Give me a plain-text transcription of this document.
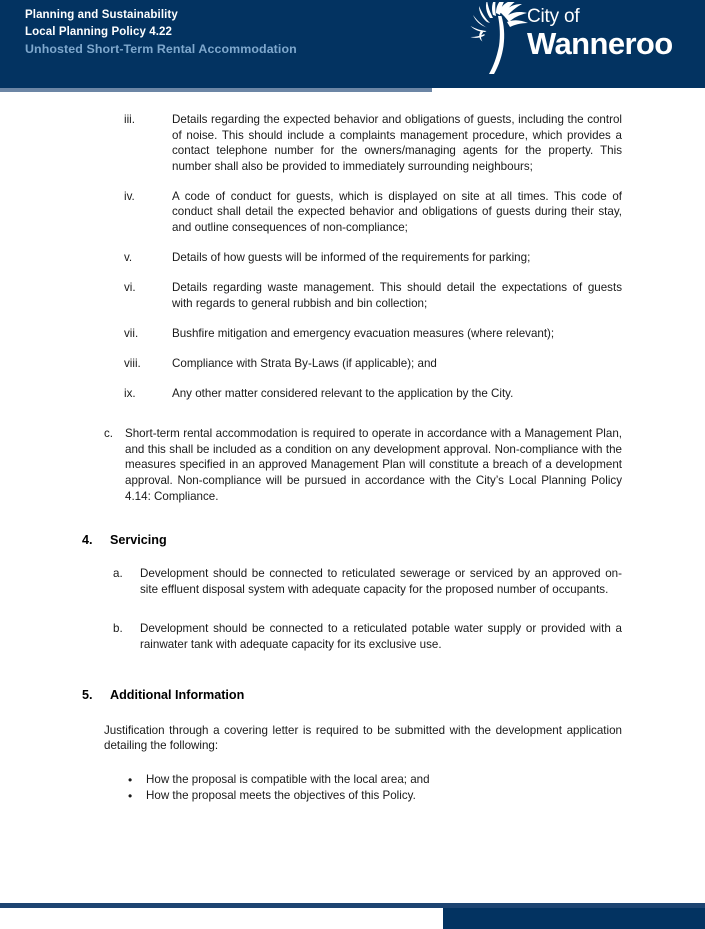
Planning and Sustainability
Local Planning Policy 4.22
Unhosted Short-Term Rental Accommodation
City of
Wanneroo
iii.	Details regarding the expected behavior and obligations of guests, including the control of noise. This should include a complaints management procedure, which provides a contact telephone number for the owners/managing agents for the property. This number shall also be provided to immediately surrounding neighbours;
iv.	A code of conduct for guests, which is displayed on site at all times. This code of conduct shall detail the expected behavior and obligations of guests during their stay, and outline consequences of non-compliance;
v.	Details of how guests will be informed of the requirements for parking;
vi.	Details regarding waste management. This should detail the expectations of guests with regards to general rubbish and bin collection;
vii.	Bushfire mitigation and emergency evacuation measures (where relevant);
viii.	Compliance with Strata By-Laws (if applicable); and
ix.	Any other matter considered relevant to the application by the City.
c.	Short-term rental accommodation is required to operate in accordance with a Management Plan, and this shall be included as a condition on any development approval. Non-compliance with the measures specified in an approved Management Plan will constitute a breach of a development approval. Non-compliance will be pursued in accordance with the City’s Local Planning Policy 4.14: Compliance.
4.	Servicing
a.	Development should be connected to reticulated sewerage or serviced by an approved on-site effluent disposal system with adequate capacity for the proposed number of occupants.
b.	Development should be connected to a reticulated potable water supply or provided with a rainwater tank with adequate capacity for its exclusive use.
5.	Additional Information
Justification through a covering letter is required to be submitted with the development application detailing the following:
• How the proposal is compatible with the local area; and
• How the proposal meets the objectives of this Policy.
